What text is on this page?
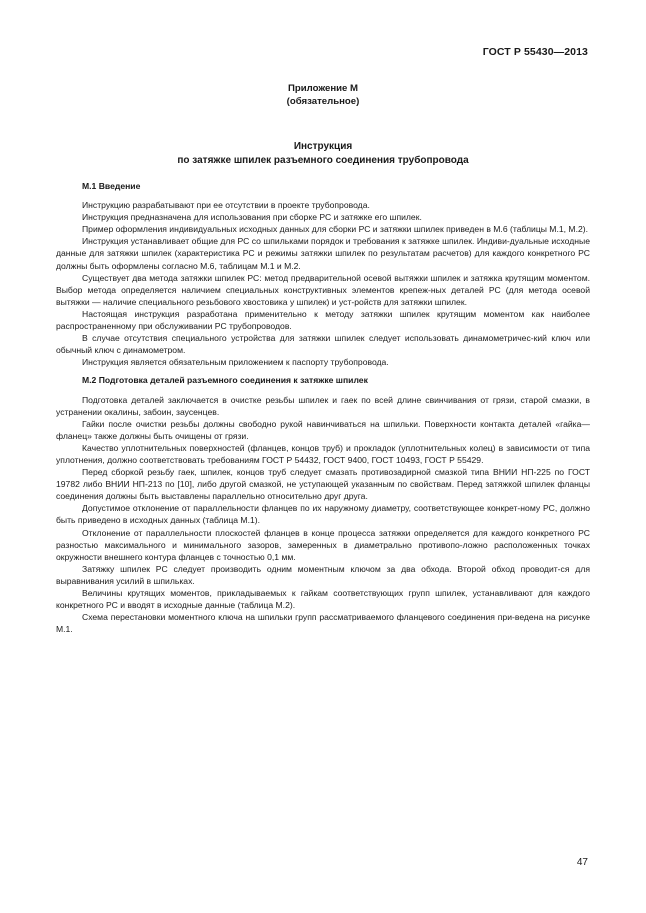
ГОСТ Р 55430—2013
Приложение М
(обязательное)
Инструкция
по затяжке шпилек разъемного соединения трубопровода
М.1 Введение

Инструкцию разрабатывают при ее отсутствии в проекте трубопровода.

Инструкция предназначена для использования при сборке РС и затяжке его шпилек.

Пример оформления индивидуальных исходных данных для сборки РС и затяжки шпилек приведен в М.6 (таблицы М.1, М.2).

Инструкция устанавливает общие для РС со шпильками порядок и требования к затяжке шпилек. Индиви-дуальные исходные данные для затяжки шпилек (характеристика РС и режимы затяжки шпилек по результатам расчетов) для каждого конкретного РС должны быть оформлены согласно М.6, таблицам М.1 и М.2.

Существует два метода затяжки шпилек РС: метод предварительной осевой вытяжки шпилек и затяжка крутящим моментом. Выбор метода определяется наличием специальных конструктивных элементов крепеж-ных деталей РС (для метода осевой вытяжки — наличие специального резьбового хвостовика у шпилек) и уст-ройств для затяжки шпилек.

Настоящая инструкция разработана применительно к методу затяжки шпилек крутящим моментом как наиболее распространенному при обслуживании РС трубопроводов.

В случае отсутствия специального устройства для затяжки шпилек следует использовать динамометричес-кий ключ или обычный ключ с динамометром.

Инструкция является обязательным приложением к паспорту трубопровода.

М.2 Подготовка деталей разъемного соединения к затяжке шпилек

Подготовка деталей заключается в очистке резьбы шпилек и гаек по всей длине свинчивания от грязи, старой смазки, в устранении окалины, забоин, заусенцев.

Гайки после очистки резьбы должны свободно рукой навинчиваться на шпильки. Поверхности контакта деталей «гайка—фланец» также должны быть очищены от грязи.

Качество уплотнительных поверхностей (фланцев, концов труб) и прокладок (уплотнительных колец) в зависимости от типа уплотнения, должно соответствовать требованиям ГОСТ Р 54432, ГОСТ 9400, ГОСТ 10493, ГОСТ Р 55429.

Перед сборкой резьбу гаек, шпилек, концов труб следует смазать противозадирной смазкой типа ВНИИ НП-225 по ГОСТ 19782 либо ВНИИ НП-213 по [10], либо другой смазкой, не уступающей указанным по свойствам. Перед затяжкой шпилек фланцы соединения должны быть выставлены параллельно относительно друг друга.

Допустимое отклонение от параллельности фланцев по их наружному диаметру, соответствующее конкрет-ному РС, должно быть приведено в исходных данных (таблица М.1).

Отклонение от параллельности плоскостей фланцев в конце процесса затяжки определяется для каждого конкретного РС разностью максимального и минимального зазоров, замеренных в диаметрально противопо-ложно расположенных точках окружности внешнего контура фланцев с точностью 0,1 мм.

Затяжку шпилек РС следует производить одним моментным ключом за два обхода. Второй обход проводит-ся для выравнивания усилий в шпильках.

Величины крутящих моментов, прикладываемых к гайкам соответствующих групп шпилек, устанавливают для каждого конкретного РС и вводят в исходные данные (таблица М.2).

Схема перестановки моментного ключа на шпильки групп рассматриваемого фланцевого соединения при-ведена на рисунке М.1.

47
